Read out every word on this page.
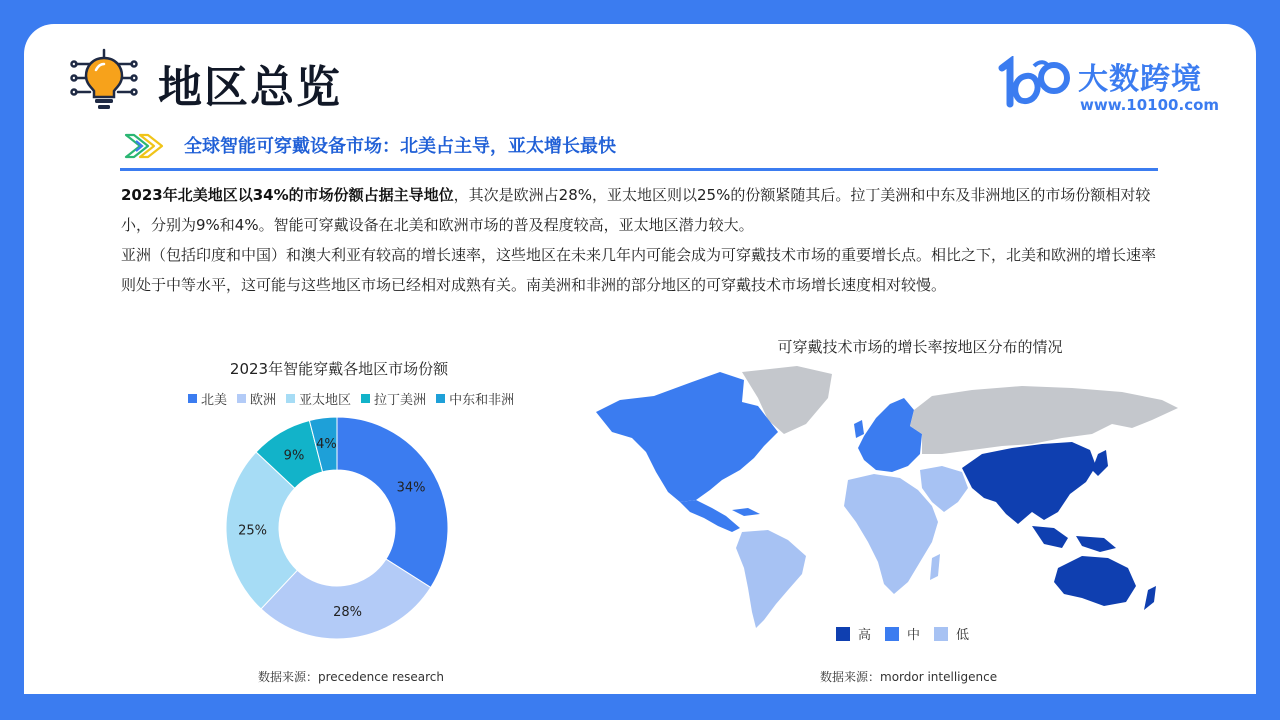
地区总览	大数跨境
www.10100.com
全球智能可穿戴设备市场：北美占主导，亚太增长最快

2023年北美地区以34%的市场份额占据主导地位，其次是欧洲占28%，亚太地区则以25%的份额紧随其后。拉丁美洲和中东及非洲地区的市场份额相对较小，分别为9%和4%。智能可穿戴设备在北美和欧洲市场的普及程度较高，亚太地区潜力较大。

亚洲（包括印度和中国）和澳大利亚有较高的增长速率，这些地区在未来几年内可能会成为可穿戴技术市场的重要增长点。相比之下，北美和欧洲的增长速率则处于中等水平，这可能与这些地区市场已经相对成熟有关。南美洲和非洲的部分地区的可穿戴技术市场增长速度相对较慢。

2023年智能穿戴各地区市场份额
北美 欧洲 亚太地区 拉丁美洲 中东和非洲
34%
28%
25%
9%
4%
数据来源：precedence research
可穿戴技术市场的增长率按地区分布的情况
高	中	低
数据来源：mordor intelligence
